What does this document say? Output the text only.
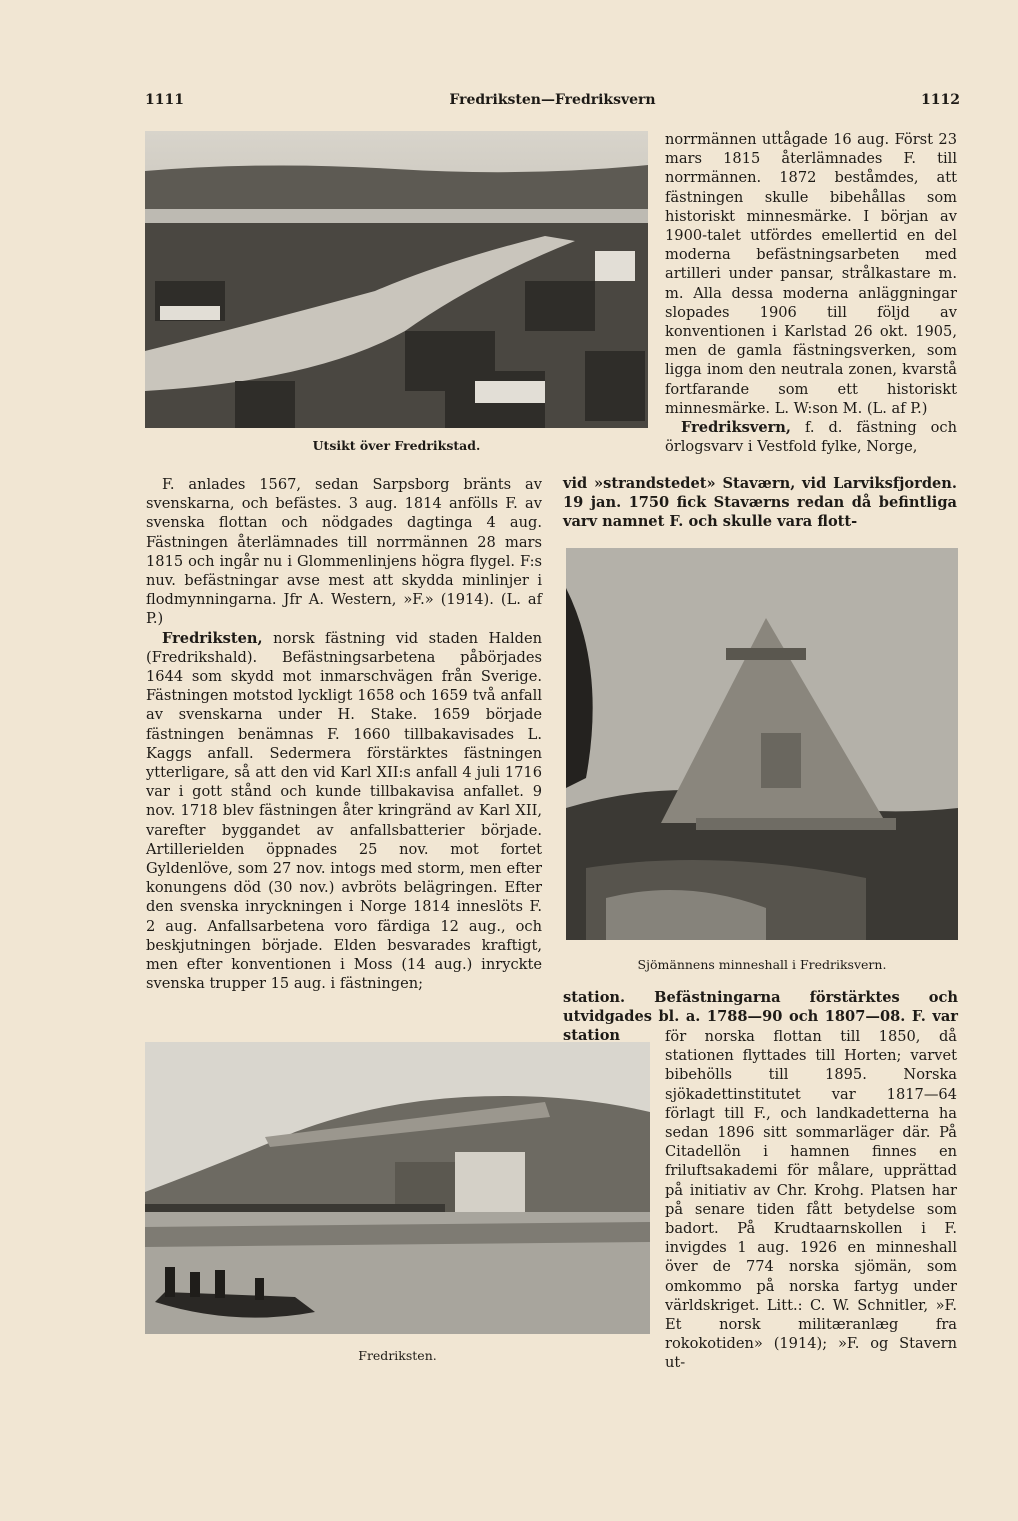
1111	Fredriksten—Fredriksvern	1112
Utsikt över Fredrikstad.

F. anlades 1567, sedan Sarpsborg bränts av svenskarna, och befästes. 3 aug. 1814 anfölls F. av svenska flottan och nödgades dagtinga 4 aug. Fästningen återlämnades till norrmännen 28 mars 1815 och ingår nu i Glommenlinjens högra flygel. F:s nuv. befästningar avse mest att skydda minlinjer i flodmynningarna. Jfr A. Western, »F.» (1914). (L. af P.)

Fredriksten, norsk fästning vid staden Halden (Fredrikshald). Befästningsarbetena påbörjades 1644 som skydd mot inmarschvägen från Sverige. Fästningen motstod lyckligt 1658 och 1659 två anfall av svenskarna under H. Stake. 1659 började fästningen benämnas F. 1660 tillbakavisades L. Kaggs anfall. Sedermera förstärktes fästningen ytterligare, så att den vid Karl XII:s anfall 4 juli 1716 var i gott stånd och kunde tillbakavisa anfallet. 9 nov. 1718 blev fästningen åter kringränd av Karl XII, varefter byggandet av anfallsbatterier började. Artillerielden öppnades 25 nov. mot fortet Gyldenlöve, som 27 nov. intogs med storm, men efter konungens död (30 nov.) avbröts belägringen. Efter den svenska inryckningen i Norge 1814 inneslöts F. 2 aug. Anfallsarbetena voro färdiga 12 aug., och beskjutningen började. Elden besvarades kraftigt, men efter konventionen i Moss (14 aug.) inryckte svenska trupper 15 aug. i fästningen;

Fredriksten.

norrmännen uttågade 16 aug. Först 23 mars 1815 återlämnades F. till norrmännen. 1872 beståmdes, att fästningen skulle bibehållas som historiskt minnesmärke. I början av 1900-talet utfördes emellertid en del moderna befästningsarbeten med artilleri under pansar, strålkastare m. m. Alla dessa moderna anläggningar slopades 1906 till följd av konventionen i Karlstad 26 okt. 1905, men de gamla fästningsverken, som ligga inom den neutrala zonen, kvarstå fortfarande som ett historiskt minnesmärke. L. W:son M. (L. af P.)

Fredriksvern, f. d. fästning och örlogsvarv i Vestfold fylke, Norge,

vid »strandstedet» Staværn, vid Larviksfjorden. 19 jan. 1750 fick Staværns redan då befintliga varv namnet F. och skulle vara flott-

Sjömännens minneshall i Fredriksvern.

station. Befästningarna förstärktes och utvidgades bl. a. 1788—90 och 1807—08. F. var station	för norska flottan till 1850, då stationen flyttades till Horten; varvet bibehölls till 1895. Norska sjökadettinstitutet var 1817—64 förlagt till F., och landkadetterna ha sedan 1896 sitt sommarläger där. På Citadellön i hamnen finnes en friluftsakademi för målare, upprättad på initiativ av Chr. Krohg. Platsen har på senare tiden fått betydelse som badort. På Krudtaarnskollen i F. invigdes 1 aug. 1926 en minneshall över de 774 norska sjömän, som omkommo på norska fartyg under världskriget. Litt.: C. W. Schnitler, »F. Et norsk militæranlæg fra rokokotiden» (1914); »F. og Stavern ut-
